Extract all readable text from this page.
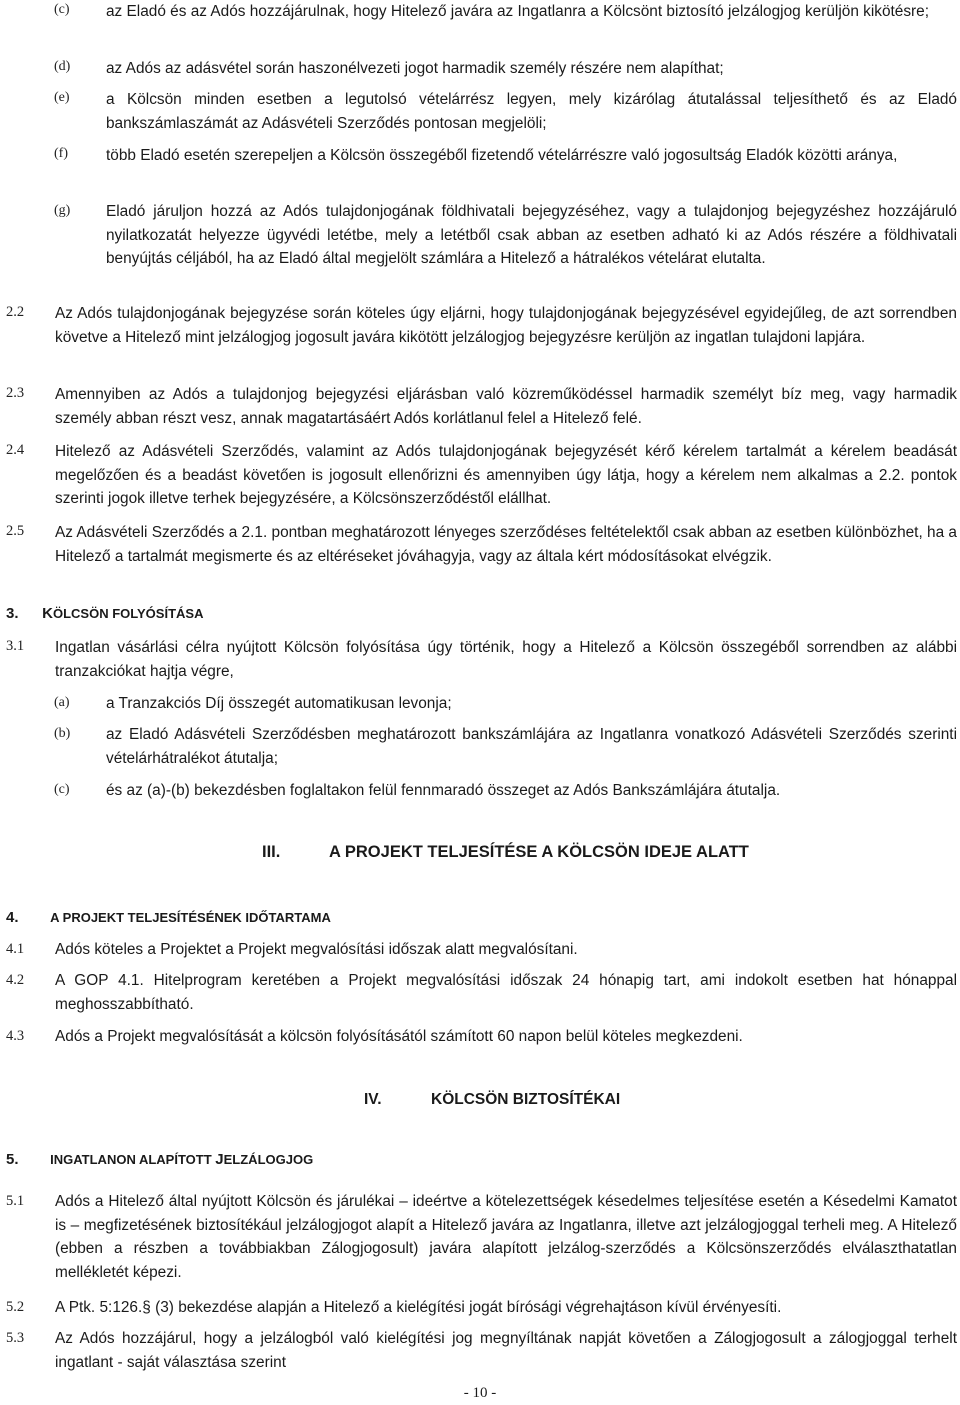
(c) az Eladó és az Adós hozzájárulnak, hogy Hitelező javára az Ingatlanra a Kölcsönt biztosító jelzálogjog kerüljön kikötésre;
(d) az Adós az adásvétel során haszonélvezeti jogot harmadik személy részére nem alapíthat;
(e) a Kölcsön minden esetben a legutolsó vételárrész legyen, mely kizárólag átutalással teljesíthető és az Eladó bankszámlaszámát az Adásvételi Szerződés pontosan megjelöli;
(f) több Eladó esetén szerepeljen a Kölcsön összegéből fizetendő vételárrészre való jogosultság Eladók közötti aránya,
(g) Eladó járuljon hozzá az Adós tulajdonjogának földhivatali bejegyzéséhez, vagy a tulajdonjog bejegyzéshez hozzájáruló nyilatkozatát helyezze ügyvédi letétbe, mely a letétből csak abban az esetben adható ki az Adós részére a földhivatali benyújtás céljából, ha az Eladó által megjelölt számlára a Hitelező a hátralékos vételárat elutalta.
2.2 Az Adós tulajdonjogának bejegyzése során köteles úgy eljárni, hogy tulajdonjogának bejegyzésével egyidejűleg, de azt sorrendben követve a Hitelező mint jelzálogjog jogosult javára kikötött jelzálogjog bejegyzésre kerüljön az ingatlan tulajdoni lapjára.
2.3 Amennyiben az Adós a tulajdonjog bejegyzési eljárásban való közreműködéssel harmadik személyt bíz meg, vagy harmadik személy abban részt vesz, annak magatartásáért Adós korlátlanul felel a Hitelező felé.
2.4 Hitelező az Adásvételi Szerződés, valamint az Adós tulajdonjogának bejegyzését kérő kérelem tartalmát a kérelem beadását megelőzően és a beadást követően is jogosult ellenőrizni és amennyiben úgy látja, hogy a kérelem nem alkalmas a 2.2. pontok szerinti jogok illetve terhek bejegyzésére, a Kölcsönszerződéstől elállhat.
2.5 Az Adásvételi Szerződés a 2.1. pontban meghatározott lényeges szerződéses feltételektől csak abban az esetben különbözhet, ha a Hitelező a tartalmát megismerte és az eltéréseket jóváhagyja, vagy az általa kért módosításokat elvégzik.
3. KÖLCSÖN FOLYÓSÍTÁSA
3.1 Ingatlan vásárlási célra nyújtott Kölcsön folyósítása úgy történik, hogy a Hitelező a Kölcsön összegéből sorrendben az alábbi tranzakciókat hajtja végre,
(a) a Tranzakciós Díj összegét automatikusan levonja;
(b) az Eladó Adásvételi Szerződésben meghatározott bankszámlájára az Ingatlanra vonatkozó Adásvételi Szerződés szerinti vételárhátralékot átutalja;
(c) és az (a)-(b) bekezdésben foglaltakon felül fennmaradó összeget az Adós Bankszámlájára átutalja.
III.	A PROJEKT TELJESÍTÉSE A KÖLCSÖN IDEJE ALATT
4. A PROJEKT TELJESÍTÉSÉNEK IDŐTARTAMA
4.1 Adós köteles a Projektet a Projekt megvalósítási időszak alatt megvalósítani.
4.2 A GOP 4.1. Hitelprogram keretében a Projekt megvalósítási időszak 24 hónapig tart, ami indokolt esetben hat hónappal meghosszabbítható.
4.3 Adós a Projekt megvalósítását a kölcsön folyósításától számított 60 napon belül köteles megkezdeni.
IV.	KÖLCSÖN BIZTOSÍTÉKAI
5. INGATLANON ALAPÍTOTT JELZÁLOGJOG
5.1 Adós a Hitelező által nyújtott Kölcsön és járulékai – ideértve a kötelezettségek késedelmes teljesítése esetén a Késedelmi Kamatot is – megfizetésének biztosítékául jelzálogjogot alapít a Hitelező javára az Ingatlanra, illetve azt jelzálogjoggal terheli meg. A Hitelező (ebben a részben a továbbiakban Zálogjogosult) javára alapított jelzálog-szerződés a Kölcsönszerződés elválaszthatatlan mellékletét képezi.
5.2 A Ptk. 5:126.§ (3) bekezdése alapján a Hitelező a kielégítési jogát bírósági végrehajtáson kívül érvényesíti.
5.3 Az Adós hozzájárul, hogy a jelzálogból való kielégítési jog megnyíltának napját követően a Zálogjogosult a zálogjoggal terhelt ingatlant - saját választása szerint
- 10 -
